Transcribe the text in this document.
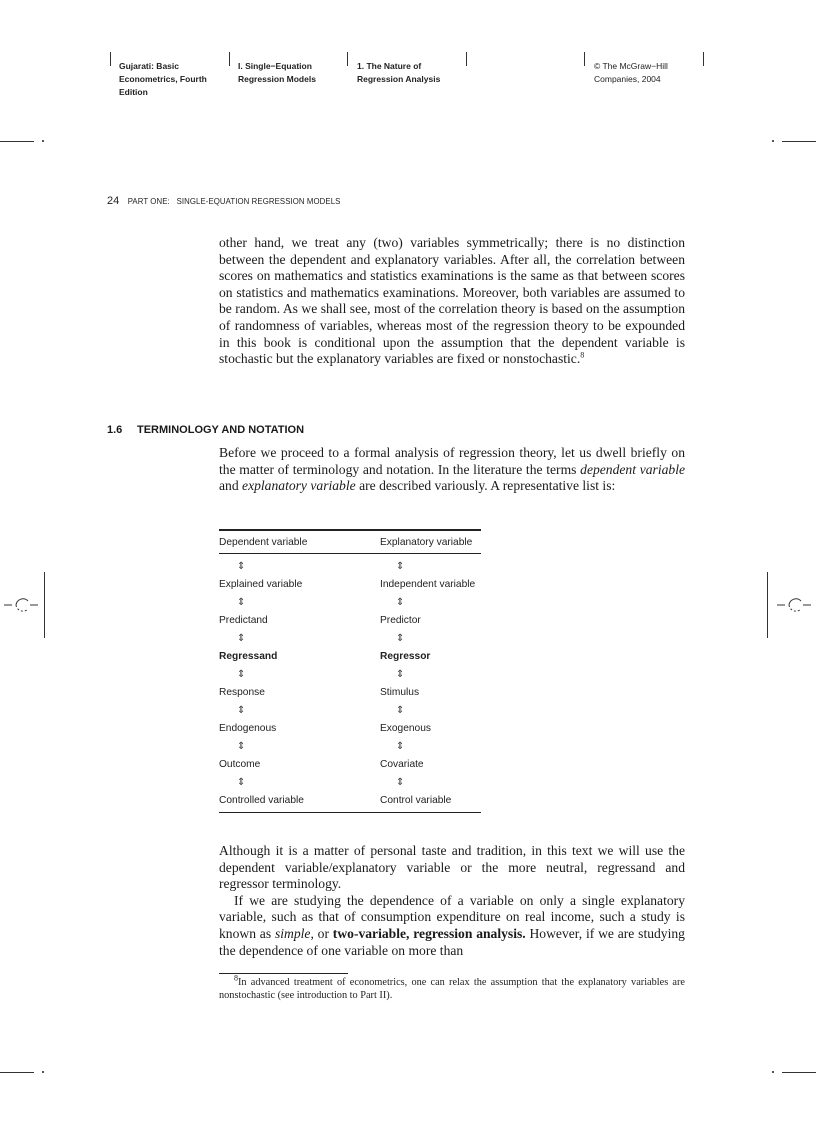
Gujarati: Basic
Econometrics, Fourth
Edition
I. Single−Equation
Regression Models
1. The Nature of
Regression Analysis
© The McGraw−Hill
Companies, 2004
24 PART ONE:   SINGLE-EQUATION REGRESSION MODELS

other hand, we treat any (two) variables symmetrically; there is no distinction between the dependent and explanatory variables. After all, the correlation between scores on mathematics and statistics examinations is the same as that between scores on statistics and mathematics examinations. Moreover, both variables are assumed to be random. As we shall see, most of the correlation theory is based on the assumption of randomness of variables, whereas most of the regression theory to be expounded in this book is conditional upon the assumption that the dependent variable is stochastic but the explanatory variables are fixed or nonstochastic.$^8$

1.6 TERMINOLOGY AND NOTATION

Before we proceed to a formal analysis of regression theory, let us dwell briefly on the matter of terminology and notation. In the literature the terms dependent variable and explanatory variable are described variously. A representative list is:

Dependent variable	Explanatory variable
⇕	⇕
Explained variable	Independent variable
⇕	⇕
Predictand	Predictor
⇕	⇕
Regressand	Regressor
⇕	⇕
Response	Stimulus
⇕	⇕
Endogenous	Exogenous
⇕	⇕
Outcome	Covariate
⇕	⇕
Controlled variable	Control variable

Although it is a matter of personal taste and tradition, in this text we will use the dependent variable/explanatory variable or the more neutral, regressand and regressor terminology.

If we are studying the dependence of a variable on only a single explanatory variable, such as that of consumption expenditure on real income, such a study is known as simple, or two-variable, regression analysis. However, if we are studying the dependence of one variable on more than

$^8$In advanced treatment of econometrics, one can relax the assumption that the explanatory variables are nonstochastic (see introduction to Part II).
